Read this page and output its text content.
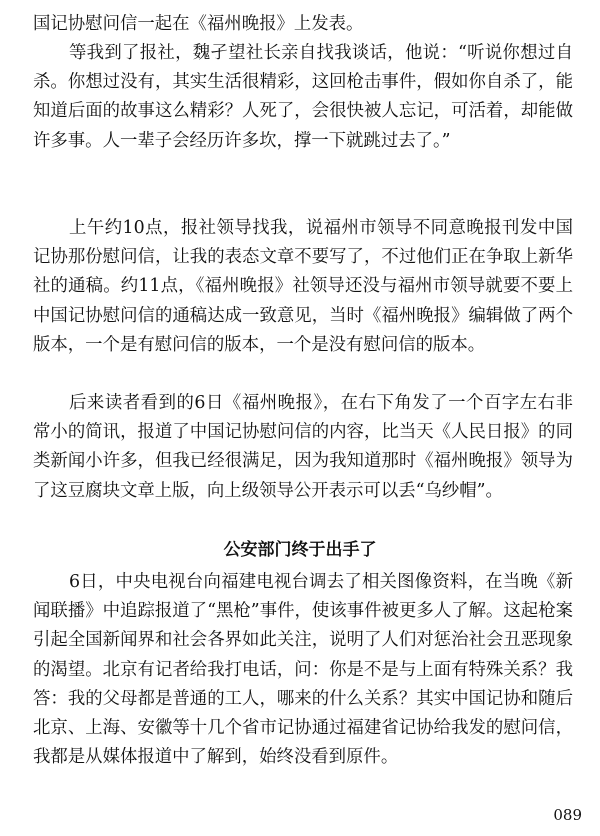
国记协慰问信一起在《福州晚报》上发表。

等我到了报社，魏孑望社长亲自找我谈话，他说：“听说你想过自杀。你想过没有，其实生活很精彩，这回枪击事件，假如你自杀了，能知道后面的故事这么精彩？人死了，会很快被人忘记，可活着，却能做许多事。人一辈子会经历许多坎，撑一下就跳过去了。”

上午约10点，报社领导找我，说福州市领导不同意晚报刊发中国记协那份慰问信，让我的表态文章不要写了，不过他们正在争取上新华社的通稿。约11点，《福州晚报》社领导还没与福州市领导就要不要上中国记协慰问信的通稿达成一致意见，当时《福州晚报》编辑做了两个版本，一个是有慰问信的版本，一个是没有慰问信的版本。

后来读者看到的6日《福州晚报》，在右下角发了一个百字左右非常小的简讯，报道了中国记协慰问信的内容，比当天《人民日报》的同类新闻小许多，但我已经很满足，因为我知道那时《福州晚报》领导为了这豆腐块文章上版，向上级领导公开表示可以丢“乌纱帽”。

公安部门终于出手了

6日，中央电视台向福建电视台调去了相关图像资料，在当晚《新闻联播》中追踪报道了“黑枪”事件，使该事件被更多人了解。这起枪案引起全国新闻界和社会各界如此关注，说明了人们对惩治社会丑恶现象的渴望。北京有记者给我打电话，问：你是不是与上面有特殊关系？我答：我的父母都是普通的工人，哪来的什么关系？其实中国记协和随后北京、上海、安徽等十几个省市记协通过福建省记协给我发的慰问信，我都是从媒体报道中了解到，始终没看到原件。

089
